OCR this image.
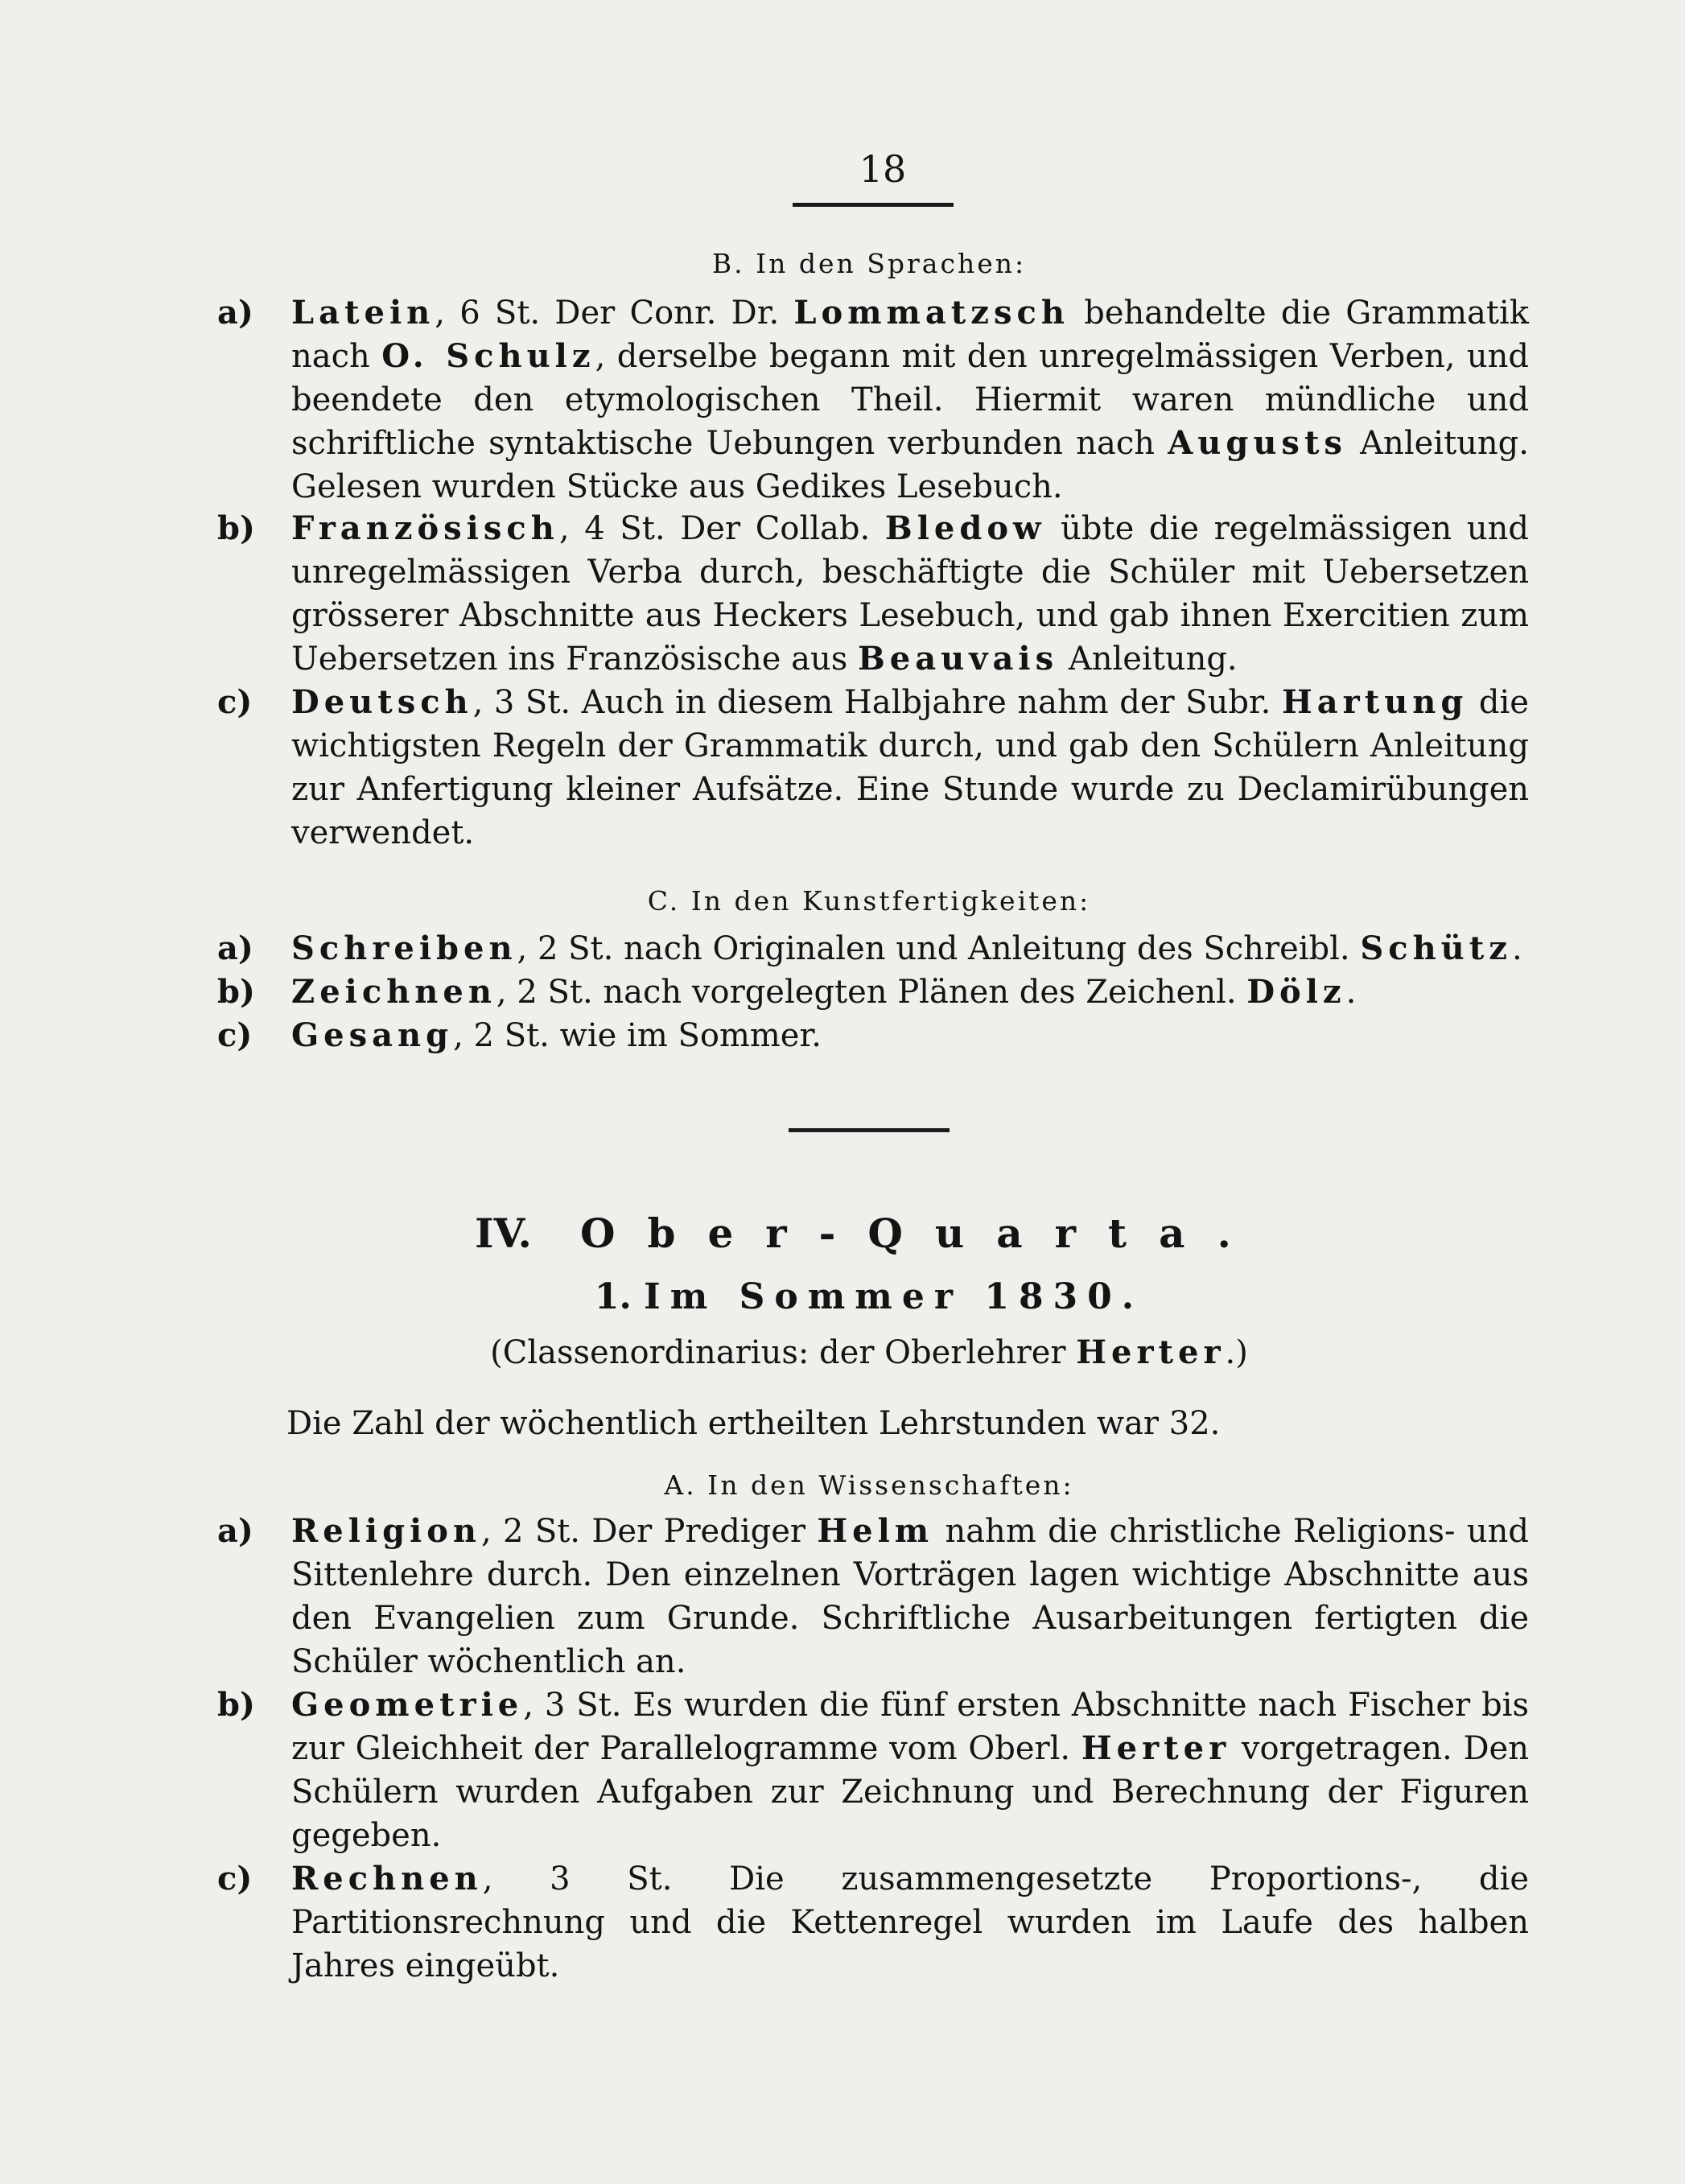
18
B. In den Sprachen:
a)	Latein, 6 St. Der Conr. Dr. Lommatzsch behandelte die Grammatik nach O. Schulz, derselbe begann mit den unregelmässigen Verben, und beendete den etymologischen Theil. Hiermit waren mündliche und schriftliche syntaktische Uebungen verbunden nach Augusts Anleitung. Gelesen wurden Stücke aus Gedikes Lesebuch.
b)	Französisch, 4 St. Der Collab. Bledow übte die regelmässigen und unregelmässigen Verba durch, beschäftigte die Schüler mit Uebersetzen grösserer Abschnitte aus Heckers Lesebuch, und gab ihnen Exercitien zum Uebersetzen ins Französische aus Beauvais Anleitung.
c)	Deutsch, 3 St. Auch in diesem Halbjahre nahm der Subr. Hartung die wichtigsten Regeln der Grammatik durch, und gab den Schülern Anleitung zur Anfertigung kleiner Aufsätze. Eine Stunde wurde zu Declamirübungen verwendet.
C. In den Kunstfertigkeiten:
a)	Schreiben, 2 St. nach Originalen und Anleitung des Schreibl. Schütz.
b)	Zeichnen, 2 St. nach vorgelegten Plänen des Zeichenl. Dölz.
c)	Gesang, 2 St. wie im Sommer.
IV. Ober-Quarta.
1. Im Sommer 1830.
(Classenordinarius: der Oberlehrer Herter.)
Die Zahl der wöchentlich ertheilten Lehrstunden war 32.
A. In den Wissenschaften:
a)	Religion, 2 St. Der Prediger Helm nahm die christliche Religions- und Sittenlehre durch. Den einzelnen Vorträgen lagen wichtige Abschnitte aus den Evangelien zum Grunde. Schriftliche Ausarbeitungen fertigten die Schüler wöchentlich an.
b)	Geometrie, 3 St. Es wurden die fünf ersten Abschnitte nach Fischer bis zur Gleichheit der Parallelogramme vom Oberl. Herter vorgetragen. Den Schülern wurden Aufgaben zur Zeichnung und Berechnung der Figuren gegeben.
c)	Rechnen, 3 St. Die zusammengesetzte Proportions-, die Partitionsrechnung und die Kettenregel wurden im Laufe des halben Jahres eingeübt.
